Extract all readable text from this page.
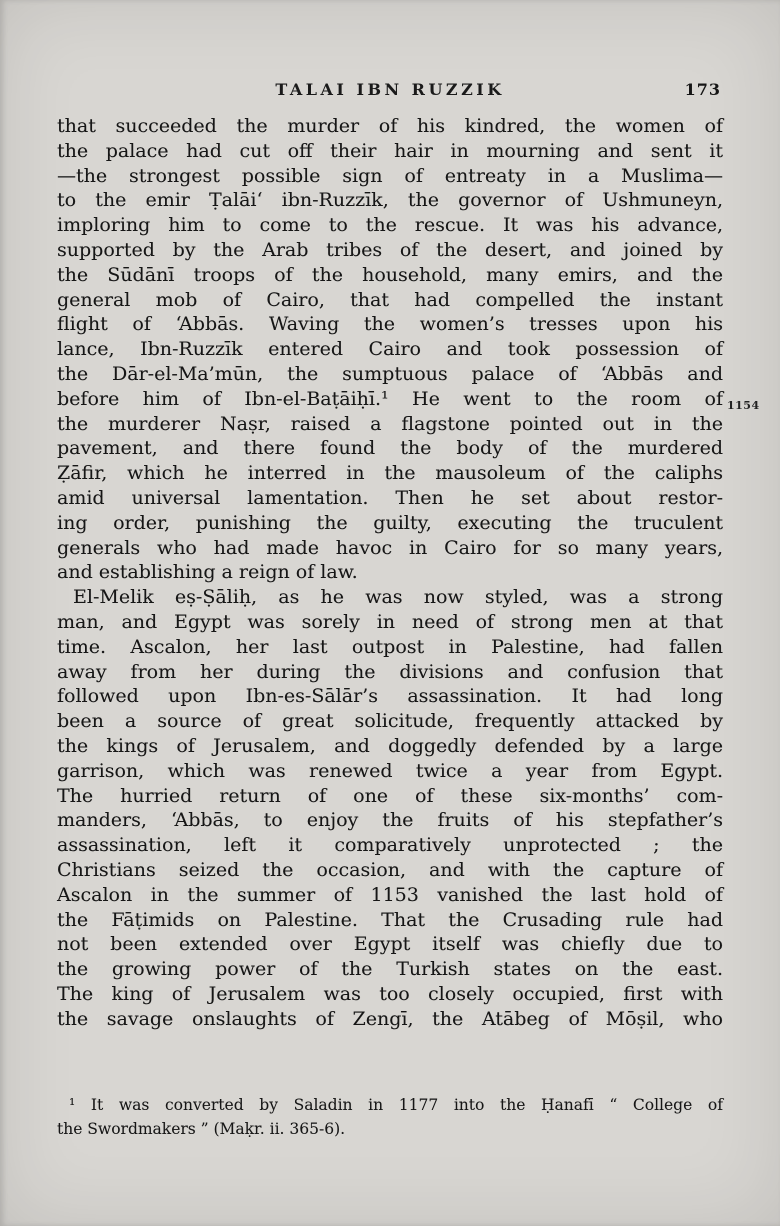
TALAI IBN RUZZIK	173
that succeeded the murder of his kindred, the women of
the palace had cut off their hair in mourning and sent it
—the strongest possible sign of entreaty in a Muslima—
to the emir Ṭalāi‘ ibn-Ruzzīk, the governor of Ushmuneyn,
imploring him to come to the rescue. It was his advance,
supported by the Arab tribes of the desert, and joined by
the Sūdānī troops of the household, many emirs, and the
general mob of Cairo, that had compelled the instant
flight of ‘Abbās. Waving the women’s tresses upon his
lance, Ibn-Ruzzīk entered Cairo and took possession of
the Dār-el-Ma’mūn, the sumptuous palace of ‘Abbās and
before him of Ibn-el-Baṭāiḥī.¹ He went to the room of
the murderer Naṣr, raised a flagstone pointed out in the
pavement, and there found the body of the murdered
Ẓāfir, which he interred in the mausoleum of the caliphs
amid universal lamentation. Then he set about restor-
ing order, punishing the guilty, executing the truculent
generals who had made havoc in Cairo for so many years,
and establishing a reign of law.
El-Melik eṣ-Ṣāliḥ, as he was now styled, was a strong
man, and Egypt was sorely in need of strong men at that
time. Ascalon, her last outpost in Palestine, had fallen
away from her during the divisions and confusion that
followed upon Ibn-es-Sālār’s assassination. It had long
been a source of great solicitude, frequently attacked by
the kings of Jerusalem, and doggedly defended by a large
garrison, which was renewed twice a year from Egypt.
The hurried return of one of these six-months’ com-
manders, ‘Abbās, to enjoy the fruits of his stepfather’s
assassination, left it comparatively unprotected ; the
Christians seized the occasion, and with the capture of
Ascalon in the summer of 1153 vanished the last hold of
the Fāṭimids on Palestine. That the Crusading rule had
not been extended over Egypt itself was chiefly due to
the growing power of the Turkish states on the east.
The king of Jerusalem was too closely occupied, first with
the savage onslaughts of Zengī, the Atābeg of Mōṣil, who
1154
¹ It was converted by Saladin in 1177 into the Ḥanafī “ College of
the Swordmakers ” (Maḳr. ii. 365-6).
